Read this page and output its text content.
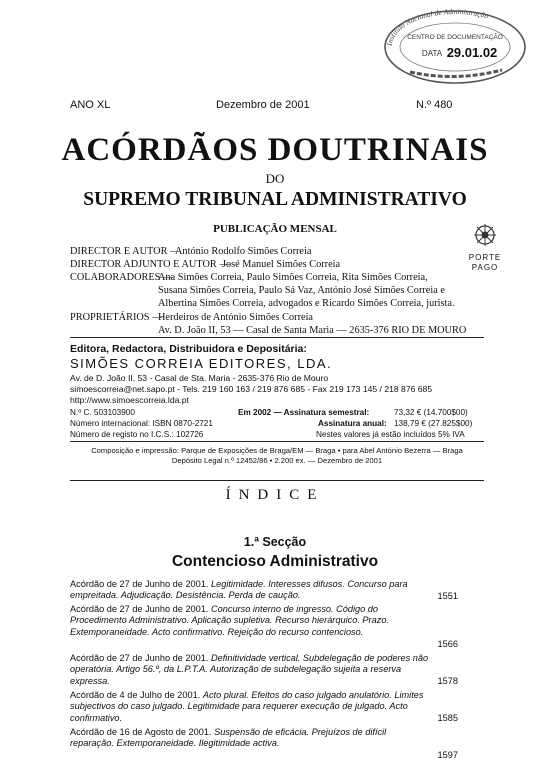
Instituto Nacional de Administração
CENTRO DE DOCUMENTAÇÃO
DATA 29.01.02
ANO XL	Dezembro de 2001	N.º 480
ACÓRDÃOS DOUTRINAIS
DO
SUPREMO TRIBUNAL ADMINISTRATIVO
PUBLICAÇÃO MENSAL
PORTE
PAGO
DIRECTOR E AUTOR —
António Rodolfo Simões Correia
DIRECTOR ADJUNTO E AUTOR —
José Manuel Simões Correia
COLABORADORES —
Ana Simões Correia, Paulo Simões Correia, Rita Simões Correia,
Susana Simões Correia, Paulo Sá Vaz, António José Simões Correia e
Albertina Simões Correia, advogados e Ricardo Simões Correia, jurista.
PROPRIETÁRIOS —
Herdeiros de António Simões Correia
Av. D. João II, 53 — Casal de Santa Maria — 2635-376 RIO DE MOURO
Editora, Redactora, Distribuidora e Depositária:
SIMÕES CORREIA EDITORES, LDA.
Av. de D. João II, 53 - Casal de Sta. Maria - 2635-376 Rio de Mouro
simoescorreia@net.sapo.pt - Tels. 219 160 163 / 219 876 685 - Fax 219 173 145 / 218 876 685
http://www.simoescorreia.lda.pt
N.º C. 503103900
Número internacional: ISBN 0870-2721
Número de registo no I.C.S.: 102726
Em 2002 — Assinatura semestral:	73,32 € (14.700$00)
Assinatura anual: 138,79 € (27.825$00)
Nestes valores já estão incluídos 5% IVA
Composição e impressão: Parque de Exposições de Braga/EM — Braga • para Abel António Bezerra — Braga
Depósito Legal n.º 12452/86 • 2.200 ex. — Dezembro de 2001
ÍNDICE
1.ª Secção
Contencioso Administrativo
Acórdão de 27 de Junho de 2001. Legitimidade. Interesses difusos. Concurso para empreitada. Adjudicação. Desistência. Perda de caução.	1551
Acórdão de 27 de Junho de 2001. Concurso interno de ingresso. Código do Procedimento Administrativo. Aplicação supletiva. Recurso hierárquico. Prazo. Extemporaneidade. Acto confirmativo. Rejeição do recurso contencioso.
1566
Acórdão de 27 de Junho de 2001. Definitividade vertical. Subdelegação de poderes não operatória. Artigo 56.º, da L.P.T.A. Autorização de subdelegação sujeita a reserva expressa.	1578
Acórdão de 4 de Julho de 2001. Acto plural. Efeitos do caso julgado anulatório. Limites subjectivos do caso julgado. Legitimidade para requerer execução de julgado. Acto confirmativo.	1585
Acórdão de 16 de Agosto de 2001. Suspensão de eficácia. Prejuízos de difícil reparação. Extemporaneidade. Ilegitimidade activa.
1597
